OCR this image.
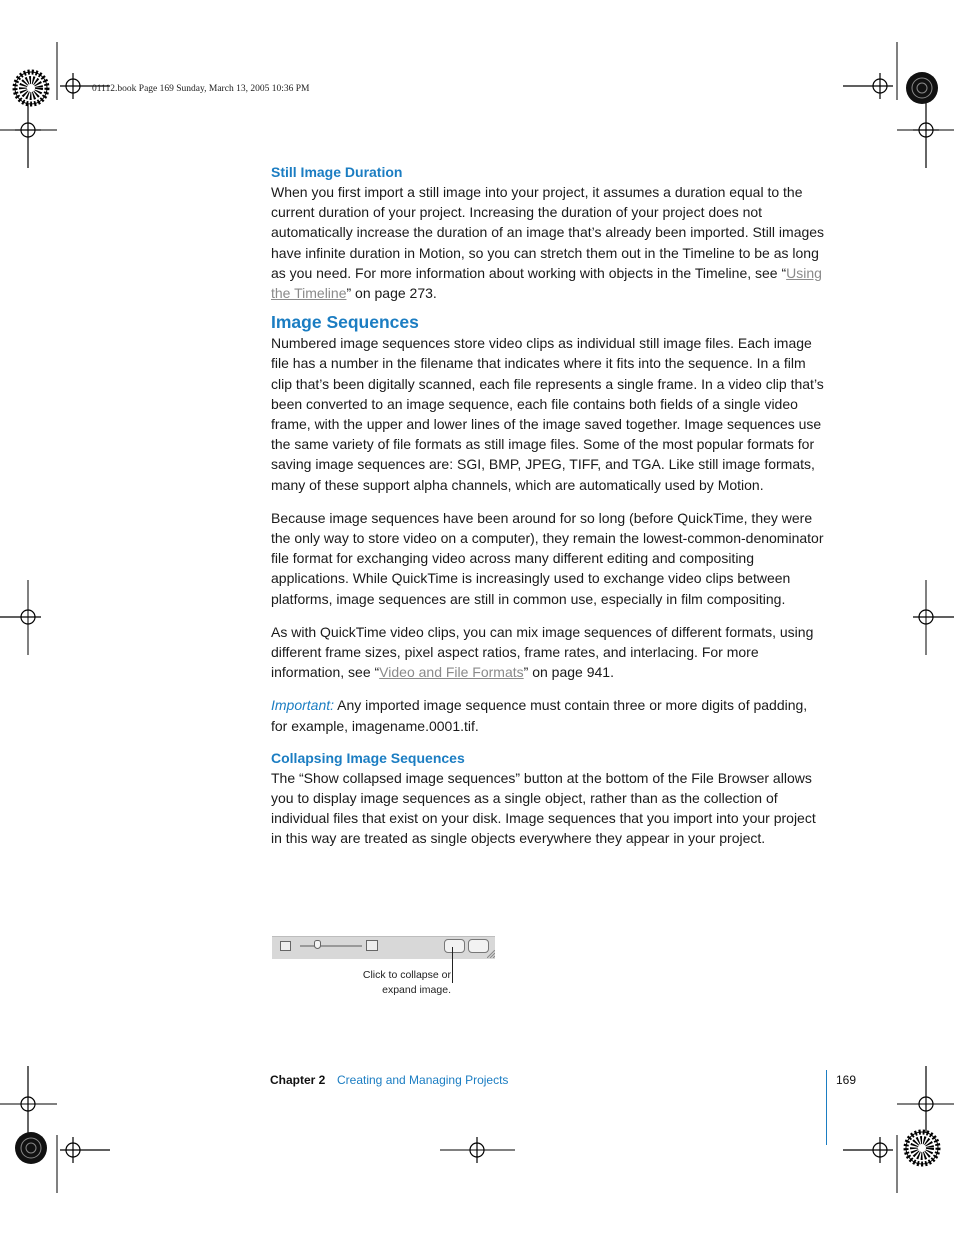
01112.book Page 169 Sunday, March 13, 2005 10:36 PM
Still Image Duration

When you first import a still image into your project, it assumes a duration equal to the current duration of your project. Increasing the duration of your project does not automatically increase the duration of an image that’s already been imported. Still images have infinite duration in Motion, so you can stretch them out in the Timeline to be as long as you need. For more information about working with objects in the Timeline, see “Using the Timeline” on page 273.

Image Sequences

Numbered image sequences store video clips as individual still image files. Each image file has a number in the filename that indicates where it fits into the sequence. In a film clip that’s been digitally scanned, each file represents a single frame. In a video clip that’s been converted to an image sequence, each file contains both fields of a single video frame, with the upper and lower lines of the image saved together. Image sequences use the same variety of file formats as still image files. Some of the most popular formats for saving image sequences are: SGI, BMP, JPEG, TIFF, and TGA. Like still image formats, many of these support alpha channels, which are automatically used by Motion.

Because image sequences have been around for so long (before QuickTime, they were the only way to store video on a computer), they remain the lowest-common-denominator file format for exchanging video across many different editing and compositing applications. While QuickTime is increasingly used to exchange video clips between platforms, image sequences are still in common use, especially in film compositing.

As with QuickTime video clips, you can mix image sequences of different formats, using different frame sizes, pixel aspect ratios, frame rates, and interlacing. For more information, see “Video and File Formats” on page 941.

Important: Any imported image sequence must contain three or more digits of padding, for example, imagename.0001.tif.

Collapsing Image Sequences

The “Show collapsed image sequences” button at the bottom of the File Browser allows you to display image sequences as a single object, rather than as the collection of individual files that exist on your disk. Image sequences that you import into your project in this way are treated as single objects everywhere they appear in your project.

Click to collapse or
expand image.
Chapter 2 Creating and Managing Projects	169
